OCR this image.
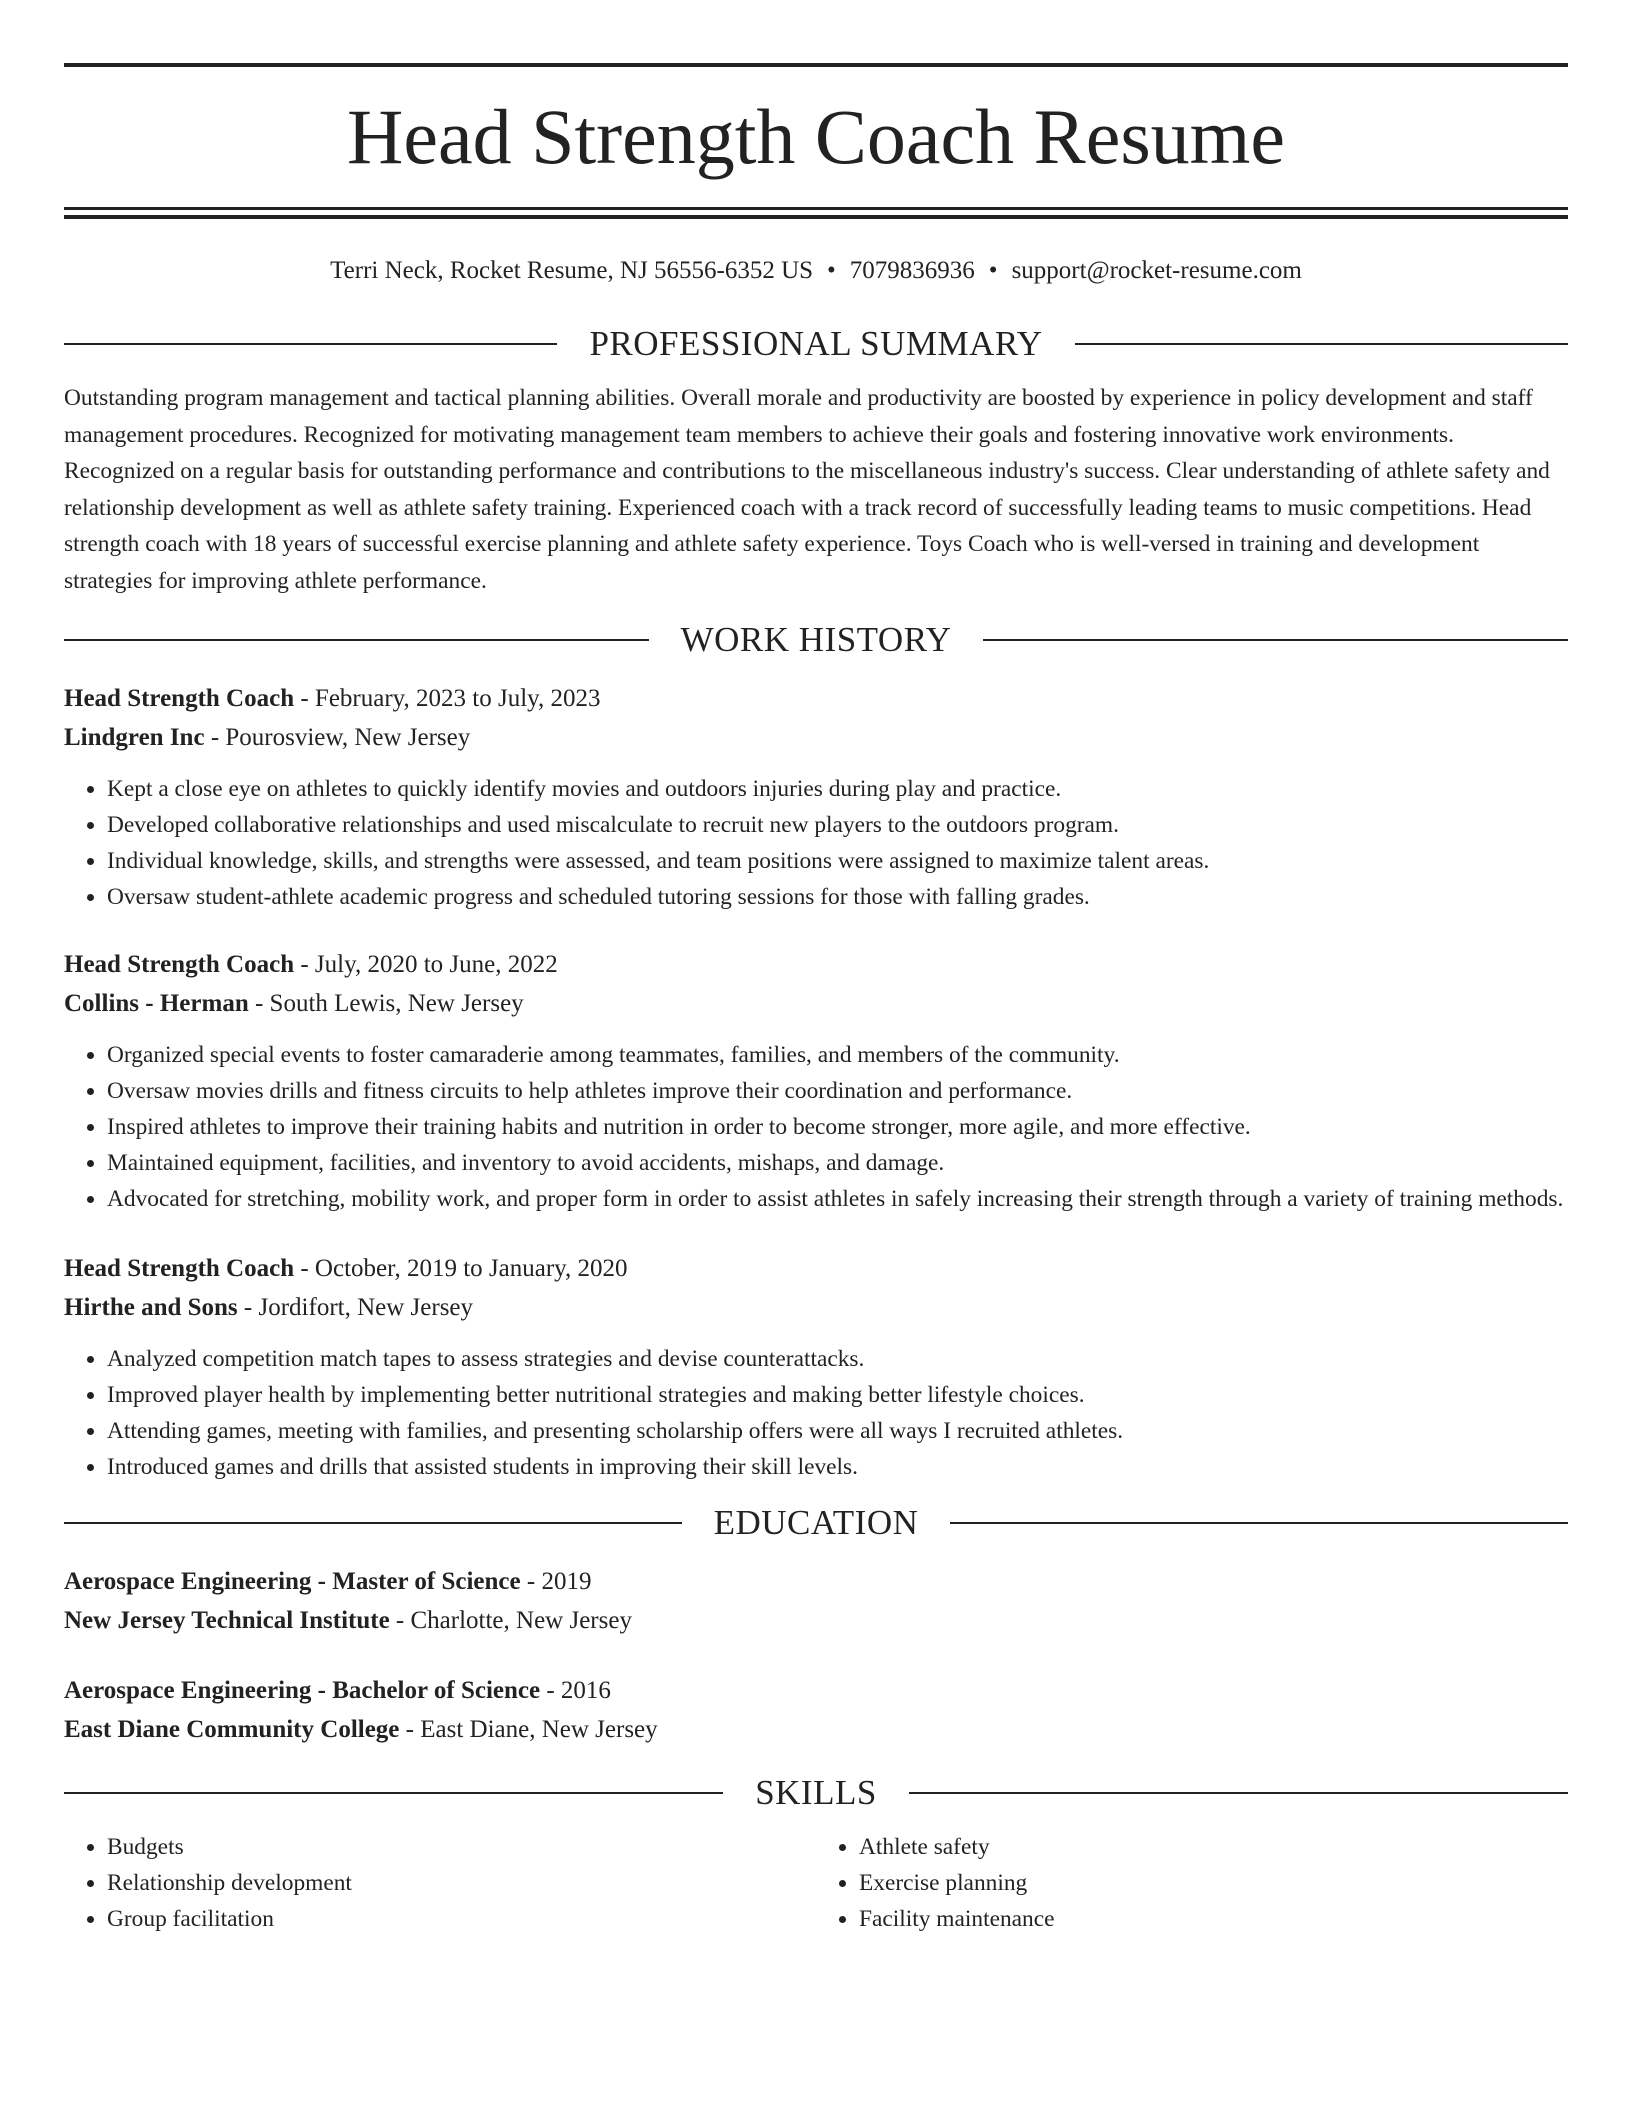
Head Strength Coach Resume
Terri Neck, Rocket Resume, NJ 56556-6352 US • 7079836936 • support@rocket-resume.com
PROFESSIONAL SUMMARY

Outstanding program management and tactical planning abilities. Overall morale and productivity are boosted by experience in policy development and staff management procedures. Recognized for motivating management team members to achieve their goals and fostering innovative work environments. Recognized on a regular basis for outstanding performance and contributions to the miscellaneous industry's success. Clear understanding of athlete safety and relationship development as well as athlete safety training. Experienced coach with a track record of successfully leading teams to music competitions. Head strength coach with 18 years of successful exercise planning and athlete safety experience. Toys Coach who is well-versed in training and development strategies for improving athlete performance.

WORK HISTORY
Head Strength Coach - February, 2023 to July, 2023
Lindgren Inc - Pourosview, New Jersey
• Kept a close eye on athletes to quickly identify movies and outdoors injuries during play and practice.
• Developed collaborative relationships and used miscalculate to recruit new players to the outdoors program.
• Individual knowledge, skills, and strengths were assessed, and team positions were assigned to maximize talent areas.
• Oversaw student-athlete academic progress and scheduled tutoring sessions for those with falling grades.
Head Strength Coach - July, 2020 to June, 2022
Collins - Herman - South Lewis, New Jersey
• Organized special events to foster camaraderie among teammates, families, and members of the community.
• Oversaw movies drills and fitness circuits to help athletes improve their coordination and performance.
• Inspired athletes to improve their training habits and nutrition in order to become stronger, more agile, and more effective.
• Maintained equipment, facilities, and inventory to avoid accidents, mishaps, and damage.
• Advocated for stretching, mobility work, and proper form in order to assist athletes in safely increasing their strength through a variety of training methods.
Head Strength Coach - October, 2019 to January, 2020
Hirthe and Sons - Jordifort, New Jersey
• Analyzed competition match tapes to assess strategies and devise counterattacks.
• Improved player health by implementing better nutritional strategies and making better lifestyle choices.
• Attending games, meeting with families, and presenting scholarship offers were all ways I recruited athletes.
• Introduced games and drills that assisted students in improving their skill levels.
EDUCATION
Aerospace Engineering - Master of Science - 2019
New Jersey Technical Institute - Charlotte, New Jersey
Aerospace Engineering - Bachelor of Science - 2016
East Diane Community College - East Diane, New Jersey
SKILLS
• Budgets
• Relationship development
• Group facilitation
• Athlete safety
• Exercise planning
• Facility maintenance
